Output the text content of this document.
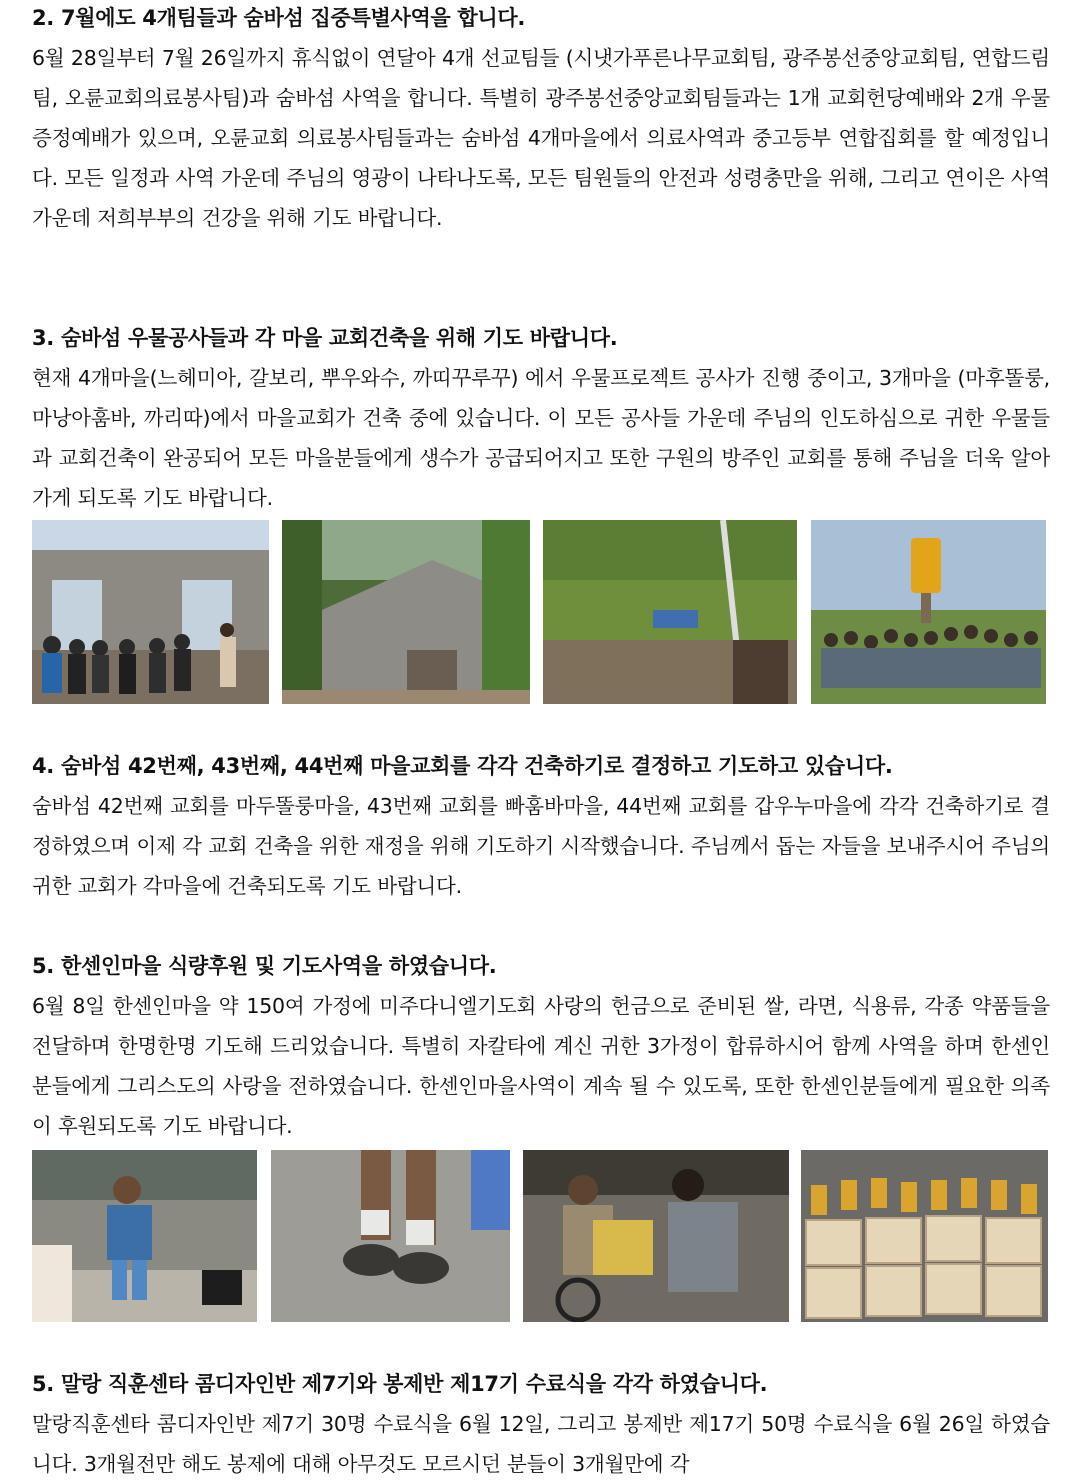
2. 7월에도 4개팀들과 숨바섬 집중특별사역을 합니다.

6월 28일부터 7월 26일까지 휴식없이 연달아 4개 선교팀들 (시냇가푸른나무교회팀, 광주봉선중앙교회팀, 연합드림팀, 오륜교회의료봉사팀)과 숨바섬 사역을 합니다. 특별히 광주봉선중앙교회팀들과는 1개 교회헌당예배와 2개 우물증정예배가 있으며, 오륜교회 의료봉사팀들과는 숨바섬 4개마을에서 의료사역과 중고등부 연합집회를 할 예정입니다. 모든 일정과 사역 가운데 주님의 영광이 나타나도록, 모든 팀원들의 안전과 성령충만을 위해, 그리고 연이은 사역가운데 저희부부의 건강을 위해 기도 바랍니다.

3. 숨바섬 우물공사들과 각 마을 교회건축을 위해 기도 바랍니다.

현재 4개마을(느헤미아, 갈보리, 뿌우와수, 까띠꾸루꾸) 에서 우물프로젝트 공사가 진행 중이고, 3개마을 (마후똘룽, 마낭아훔바, 까리따)에서 마을교회가 건축 중에 있습니다. 이 모든 공사들 가운데 주님의 인도하심으로 귀한 우물들과 교회건축이 완공되어 모든 마을분들에게 생수가 공급되어지고 또한 구원의 방주인 교회를 통해 주님을 더욱 알아가게 되도록 기도 바랍니다.

4. 숨바섬 42번째, 43번째, 44번째 마을교회를 각각 건축하기로 결정하고 기도하고 있습니다.

숨바섬 42번째 교회를 마두똘룽마을, 43번째 교회를 빠훔바마을, 44번째 교회를 갑우누마을에 각각 건축하기로 결정하였으며 이제 각 교회 건축을 위한 재정을 위해 기도하기 시작했습니다. 주님께서 돕는 자들을 보내주시어 주님의 귀한 교회가 각마을에 건축되도록 기도 바랍니다.

5. 한센인마을 식량후원 및 기도사역을 하였습니다.

6월 8일 한센인마을 약 150여 가정에 미주다니엘기도회 사랑의 헌금으로 준비된 쌀, 라면, 식용류, 각종 약품들을 전달하며 한명한명 기도해 드리었습니다. 특별히 자칼타에 계신 귀한 3가정이 합류하시어 함께 사역을 하며 한센인분들에게 그리스도의 사랑을 전하였습니다. 한센인마을사역이 계속 될 수 있도록, 또한 한센인분들에게 필요한 의족이 후원되도록 기도 바랍니다.

5. 말랑 직훈센타 콤디자인반 제7기와 봉제반 제17기 수료식을 각각 하였습니다.

말랑직훈센타 콤디자인반 제7기 30명 수료식을 6월 12일, 그리고 봉제반 제17기 50명 수료식을 6월 26일 하였습니다. 3개월전만 해도 봉제에 대해 아무것도 모르시던 분들이 3개월만에 각
